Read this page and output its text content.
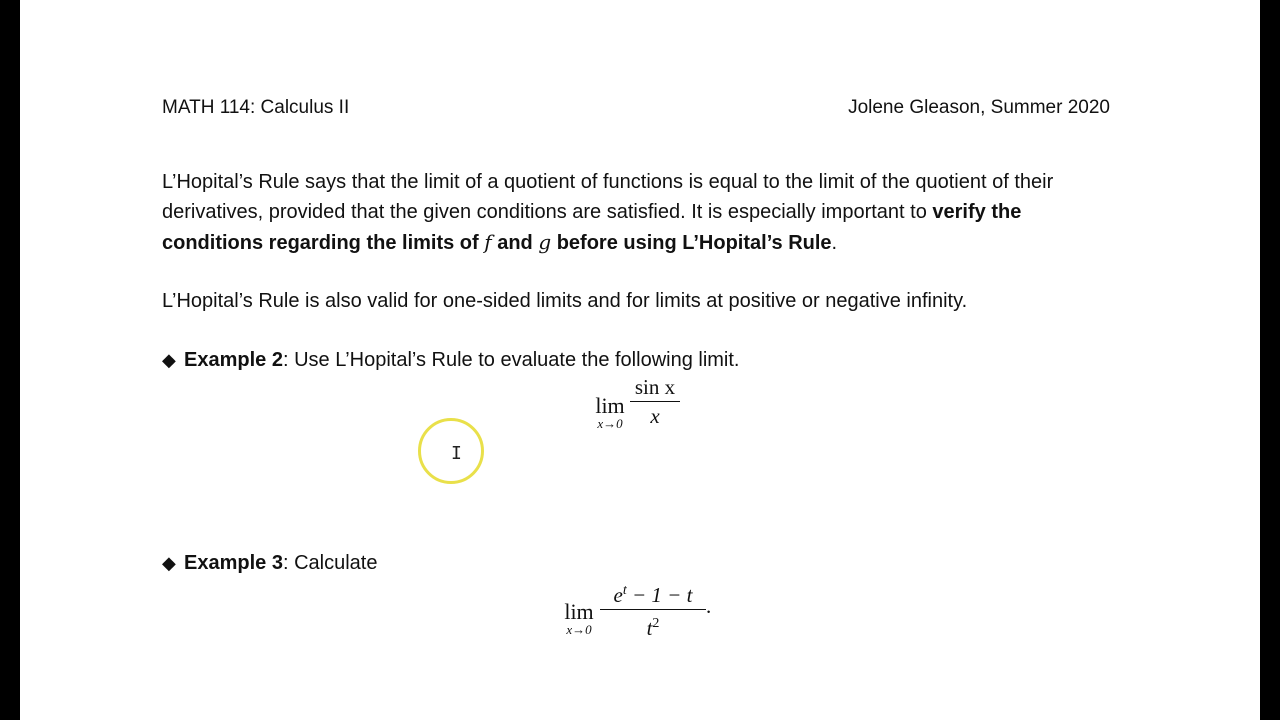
MATH 114: Calculus II	Jolene Gleason, Summer 2020
L’Hopital’s Rule says that the limit of a quotient of functions is equal to the limit of the quotient of their derivatives, provided that the given conditions are satisfied. It is especially important to verify the conditions regarding the limits of f and g before using L’Hopital’s Rule.
L’Hopital’s Rule is also valid for one-sided limits and for limits at positive or negative infinity.
◆ Example 2: Use L’Hopital’s Rule to evaluate the following limit.
lim
x→0
sin x
x
◆ Example 3: Calculate
lim
x→0
$e^t - 1 - t$
$t^2$
.
I
